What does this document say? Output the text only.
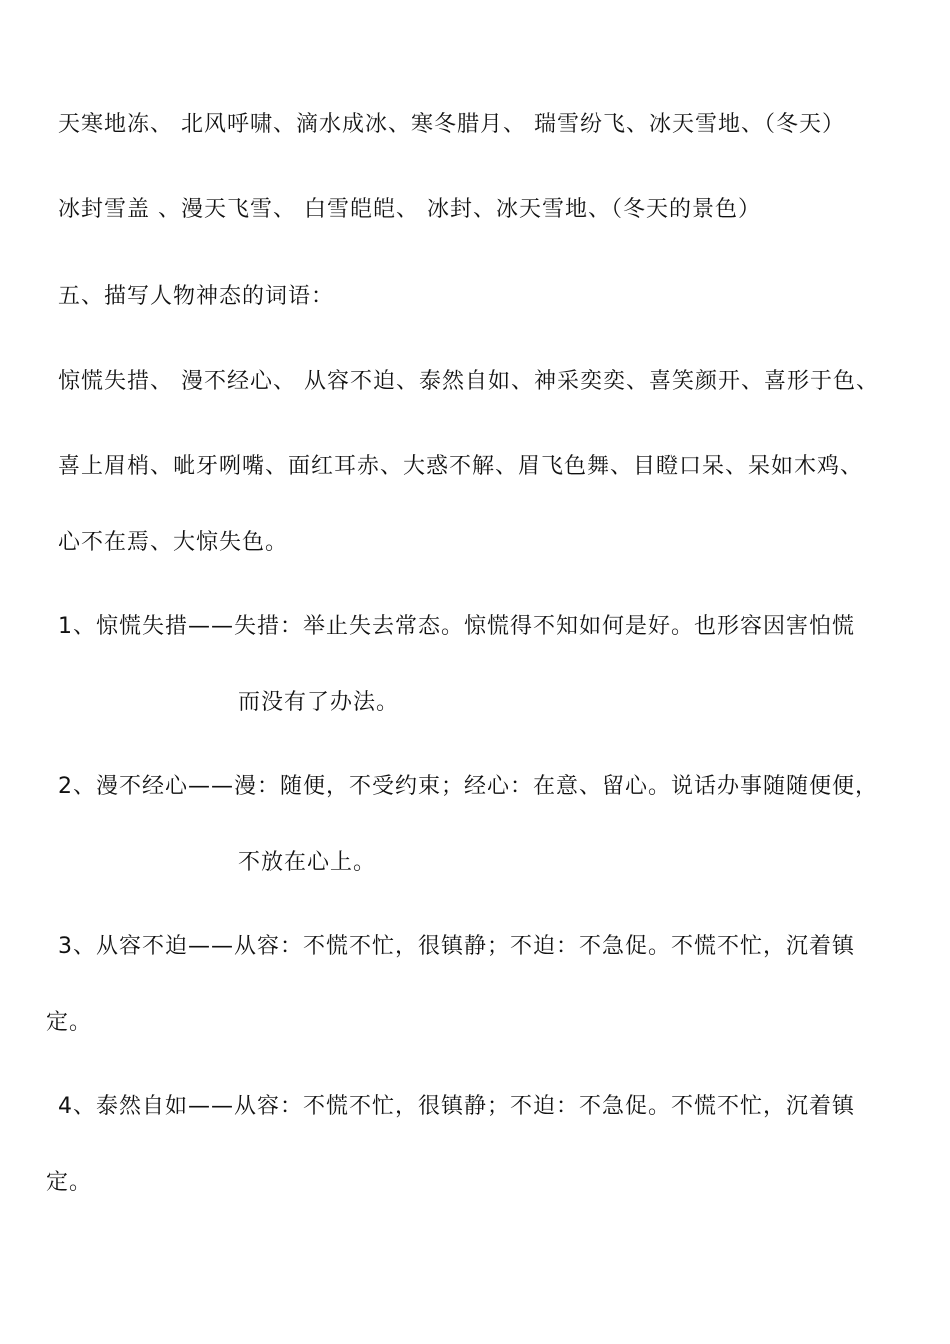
天寒地冻、 北风呼啸、滴水成冰、寒冬腊月、 瑞雪纷飞、冰天雪地、（冬天）
冰封雪盖 、漫天飞雪、 白雪皑皑、 冰封、冰天雪地、（冬天的景色）
五、描写人物神态的词语：
惊慌失措、 漫不经心、 从容不迫、泰然自如、神采奕奕、喜笑颜开、喜形于色、
喜上眉梢、呲牙咧嘴、面红耳赤、大惑不解、眉飞色舞、目瞪口呆、呆如木鸡、
心不在焉、大惊失色。
1、惊慌失措——失措：举止失去常态。惊慌得不知如何是好。也形容因害怕慌
而没有了办法。
2、漫不经心——漫：随便，不受约束；经心：在意、留心。说话办事随随便便，
不放在心上。
3、从容不迫——从容：不慌不忙，很镇静；不迫：不急促。不慌不忙，沉着镇
定。
4、泰然自如——从容：不慌不忙，很镇静；不迫：不急促。不慌不忙，沉着镇
定。
